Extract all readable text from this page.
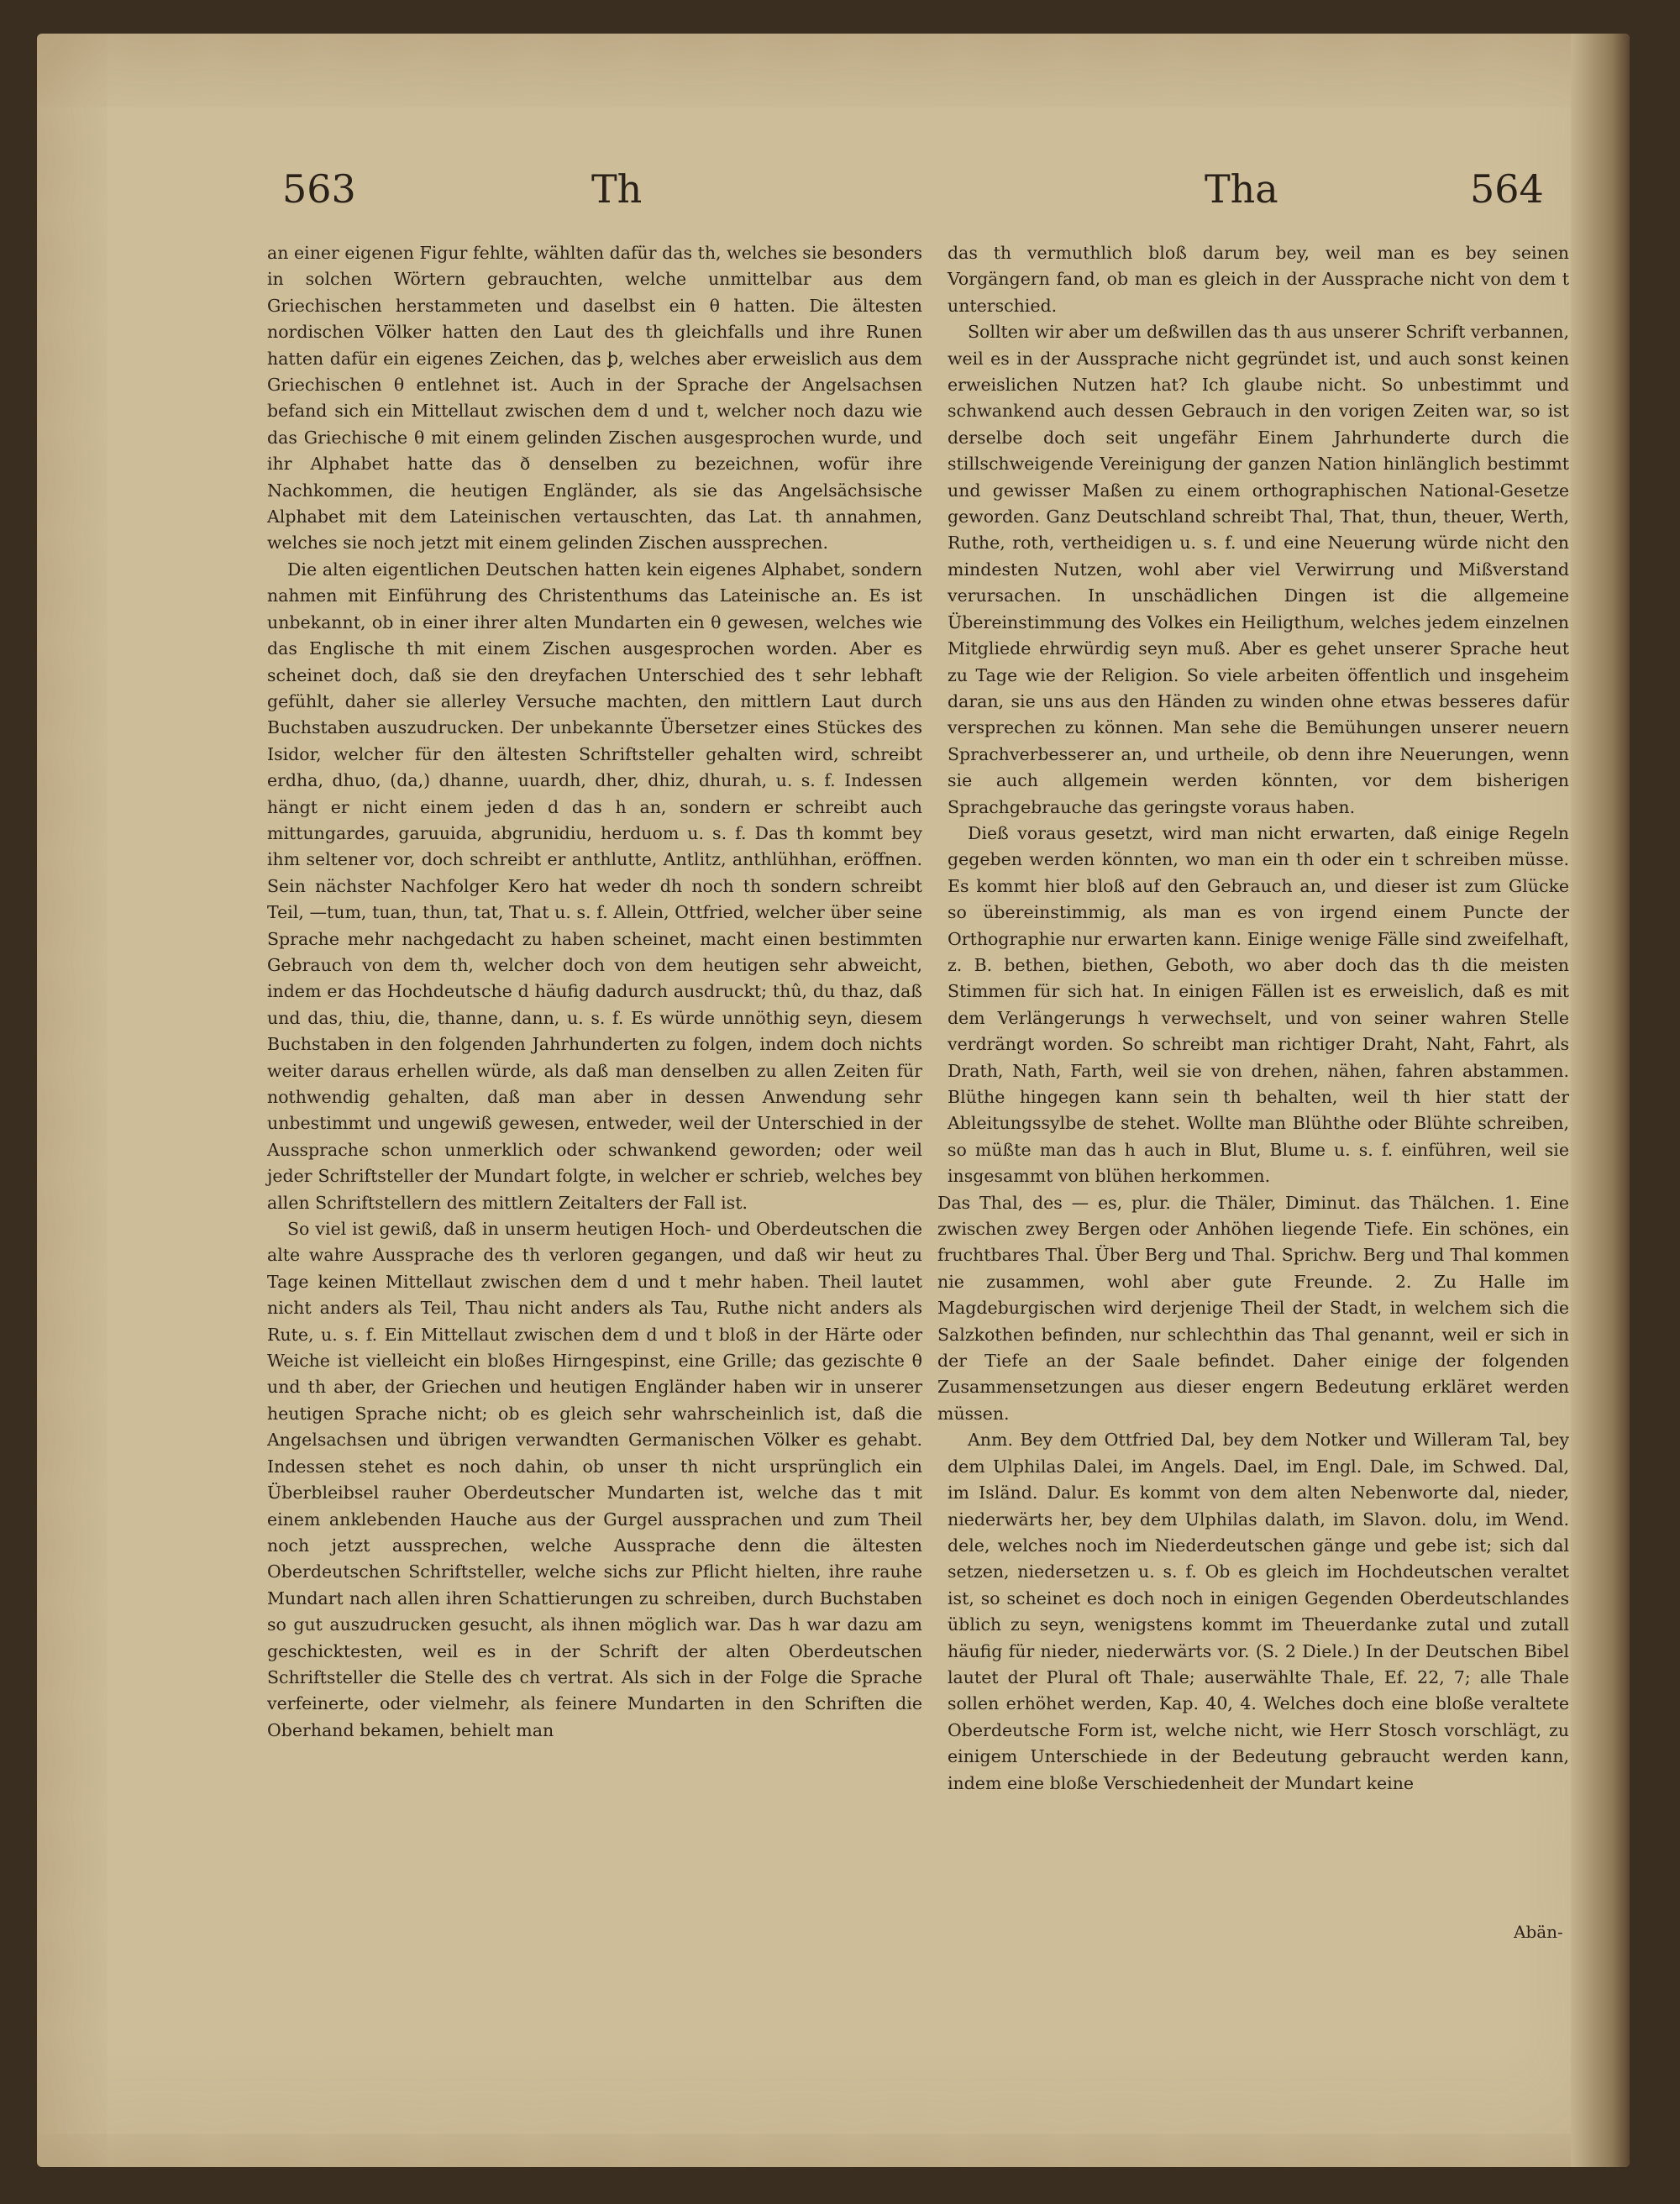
563	Th	Tha	564

an einer eigenen Figur fehlte, wählten dafür das th, welches sie besonders in solchen Wörtern gebrauchten, welche unmittelbar aus dem Griechischen herstammeten und daselbst ein θ hatten. Die ältesten nordischen Völker hatten den Laut des th gleichfalls und ihre Runen hatten dafür ein eigenes Zeichen, das ꝧ, welches aber erweislich aus dem Griechischen θ entlehnet ist. Auch in der Sprache der Angelsachsen befand sich ein Mittellaut zwischen dem d und t, welcher noch dazu wie das Griechische θ mit einem gelinden Zischen ausgesprochen wurde, und ihr Alphabet hatte das ð denselben zu bezeichnen, wofür ihre Nachkommen, die heutigen Engländer, als sie das Angelsächsische Alphabet mit dem Lateinischen vertauschten, das Lat. th annahmen, welches sie noch jetzt mit einem gelinden Zischen aussprechen.

Die alten eigentlichen Deutschen hatten kein eigenes Alphabet, sondern nahmen mit Einführung des Christenthums das Lateinische an. Es ist unbekannt, ob in einer ihrer alten Mundarten ein θ gewesen, welches wie das Englische th mit einem Zischen ausgesprochen worden. Aber es scheinet doch, daß sie den dreyfachen Unterschied des t sehr lebhaft gefühlt, daher sie allerley Versuche machten, den mittlern Laut durch Buchstaben auszudrucken. Der unbekannte Übersetzer eines Stückes des Isidor, welcher für den ältesten Schriftsteller gehalten wird, schreibt erdha, dhuo, (da,) dhanne, uuardh, dher, dhiz, dhurah, u. s. f. Indessen hängt er nicht einem jeden d das h an, sondern er schreibt auch mittungardes, garuuida, abgrunidiu, herduom u. s. f. Das th kommt bey ihm seltener vor, doch schreibt er anthlutte, Antlitz, anthlühhan, eröffnen. Sein nächster Nachfolger Kero hat weder dh noch th sondern schreibt Teil, —tum, tuan, thun, tat, That u. s. f. Allein, Ottfried, welcher über seine Sprache mehr nachgedacht zu haben scheinet, macht einen bestimmten Gebrauch von dem th, welcher doch von dem heutigen sehr abweicht, indem er das Hochdeutsche d häufig dadurch ausdruckt; thû, du thaz, daß und das, thiu, die, thanne, dann, u. s. f. Es würde unnöthig seyn, diesem Buchstaben in den folgenden Jahrhunderten zu folgen, indem doch nichts weiter daraus erhellen würde, als daß man denselben zu allen Zeiten für nothwendig gehalten, daß man aber in dessen Anwendung sehr unbestimmt und ungewiß gewesen, entweder, weil der Unterschied in der Aussprache schon unmerklich oder schwankend geworden; oder weil jeder Schriftsteller der Mundart folgte, in welcher er schrieb, welches bey allen Schriftstellern des mittlern Zeitalters der Fall ist.

So viel ist gewiß, daß in unserm heutigen Hoch- und Oberdeutschen die alte wahre Aussprache des th verloren gegangen, und daß wir heut zu Tage keinen Mittellaut zwischen dem d und t mehr haben. Theil lautet nicht anders als Teil, Thau nicht anders als Tau, Ruthe nicht anders als Rute, u. s. f. Ein Mittellaut zwischen dem d und t bloß in der Härte oder Weiche ist vielleicht ein bloßes Hirngespinst, eine Grille; das gezischte θ und th aber, der Griechen und heutigen Engländer haben wir in unserer heutigen Sprache nicht; ob es gleich sehr wahrscheinlich ist, daß die Angelsachsen und übrigen verwandten Germanischen Völker es gehabt. Indessen stehet es noch dahin, ob unser th nicht ursprünglich ein Überbleibsel rauher Oberdeutscher Mundarten ist, welche das t mit einem anklebenden Hauche aus der Gurgel aussprachen und zum Theil noch jetzt aussprechen, welche Aussprache denn die ältesten Oberdeutschen Schriftsteller, welche sichs zur Pflicht hielten, ihre rauhe Mundart nach allen ihren Schattierungen zu schreiben, durch Buchstaben so gut auszudrucken gesucht, als ihnen möglich war. Das h war dazu am geschicktesten, weil es in der Schrift der alten Oberdeutschen Schriftsteller die Stelle des ch vertrat. Als sich in der Folge die Sprache verfeinerte, oder vielmehr, als feinere Mundarten in den Schriften die Oberhand bekamen, behielt man

das th vermuthlich bloß darum bey, weil man es bey seinen Vorgängern fand, ob man es gleich in der Aussprache nicht von dem t unterschied.

Sollten wir aber um deßwillen das th aus unserer Schrift verbannen, weil es in der Aussprache nicht gegründet ist, und auch sonst keinen erweislichen Nutzen hat? Ich glaube nicht. So unbestimmt und schwankend auch dessen Gebrauch in den vorigen Zeiten war, so ist derselbe doch seit ungefähr Einem Jahrhunderte durch die stillschweigende Vereinigung der ganzen Nation hinlänglich bestimmt und gewisser Maßen zu einem orthographischen National-Gesetze geworden. Ganz Deutschland schreibt Thal, That, thun, theuer, Werth, Ruthe, roth, vertheidigen u. s. f. und eine Neuerung würde nicht den mindesten Nutzen, wohl aber viel Verwirrung und Mißverstand verursachen. In unschädlichen Dingen ist die allgemeine Übereinstimmung des Volkes ein Heiligthum, welches jedem einzelnen Mitgliede ehrwürdig seyn muß. Aber es gehet unserer Sprache heut zu Tage wie der Religion. So viele arbeiten öffentlich und insgeheim daran, sie uns aus den Händen zu winden ohne etwas besseres dafür versprechen zu können. Man sehe die Bemühungen unserer neuern Sprachverbesserer an, und urtheile, ob denn ihre Neuerungen, wenn sie auch allgemein werden könnten, vor dem bisherigen Sprachgebrauche das geringste voraus haben.

Dieß voraus gesetzt, wird man nicht erwarten, daß einige Regeln gegeben werden könnten, wo man ein th oder ein t schreiben müsse. Es kommt hier bloß auf den Gebrauch an, und dieser ist zum Glücke so übereinstimmig, als man es von irgend einem Puncte der Orthographie nur erwarten kann. Einige wenige Fälle sind zweifelhaft, z. B. bethen, biethen, Geboth, wo aber doch das th die meisten Stimmen für sich hat. In einigen Fällen ist es erweislich, daß es mit dem Verlängerungs h verwechselt, und von seiner wahren Stelle verdrängt worden. So schreibt man richtiger Draht, Naht, Fahrt, als Drath, Nath, Farth, weil sie von drehen, nähen, fahren abstammen. Blüthe hingegen kann sein th behalten, weil th hier statt der Ableitungssylbe de stehet. Wollte man Blühthe oder Blühte schreiben, so müßte man das h auch in Blut, Blume u. s. f. einführen, weil sie insgesammt von blühen herkommen.

Das Thal, des — es, plur. die Thäler, Diminut. das Thälchen. 1. Eine zwischen zwey Bergen oder Anhöhen liegende Tiefe. Ein schönes, ein fruchtbares Thal. Über Berg und Thal. Sprichw. Berg und Thal kommen nie zusammen, wohl aber gute Freunde. 2. Zu Halle im Magdeburgischen wird derjenige Theil der Stadt, in welchem sich die Salzkothen befinden, nur schlechthin das Thal genannt, weil er sich in der Tiefe an der Saale befindet. Daher einige der folgenden Zusammensetzungen aus dieser engern Bedeutung erkläret werden müssen.

Anm. Bey dem Ottfried Dal, bey dem Notker und Willeram Tal, bey dem Ulphilas Dalei, im Angels. Dael, im Engl. Dale, im Schwed. Dal, im Isländ. Dalur. Es kommt von dem alten Nebenworte dal, nieder, niederwärts her, bey dem Ulphilas dalath, im Slavon. dolu, im Wend. dele, welches noch im Niederdeutschen gänge und gebe ist; sich dal setzen, niedersetzen u. s. f. Ob es gleich im Hochdeutschen veraltet ist, so scheinet es doch noch in einigen Gegenden Oberdeutschlandes üblich zu seyn, wenigstens kommt im Theuerdanke zutal und zutall häufig für nieder, niederwärts vor. (S. 2 Diele.) In der Deutschen Bibel lautet der Plural oft Thale; auserwählte Thale, Ef. 22, 7; alle Thale sollen erhöhet werden, Kap. 40, 4. Welches doch eine bloße veraltete Oberdeutsche Form ist, welche nicht, wie Herr Stosch vorschlägt, zu einigem Unterschiede in der Bedeutung gebraucht werden kann, indem eine bloße Verschiedenheit der Mundart keine

Abän-
